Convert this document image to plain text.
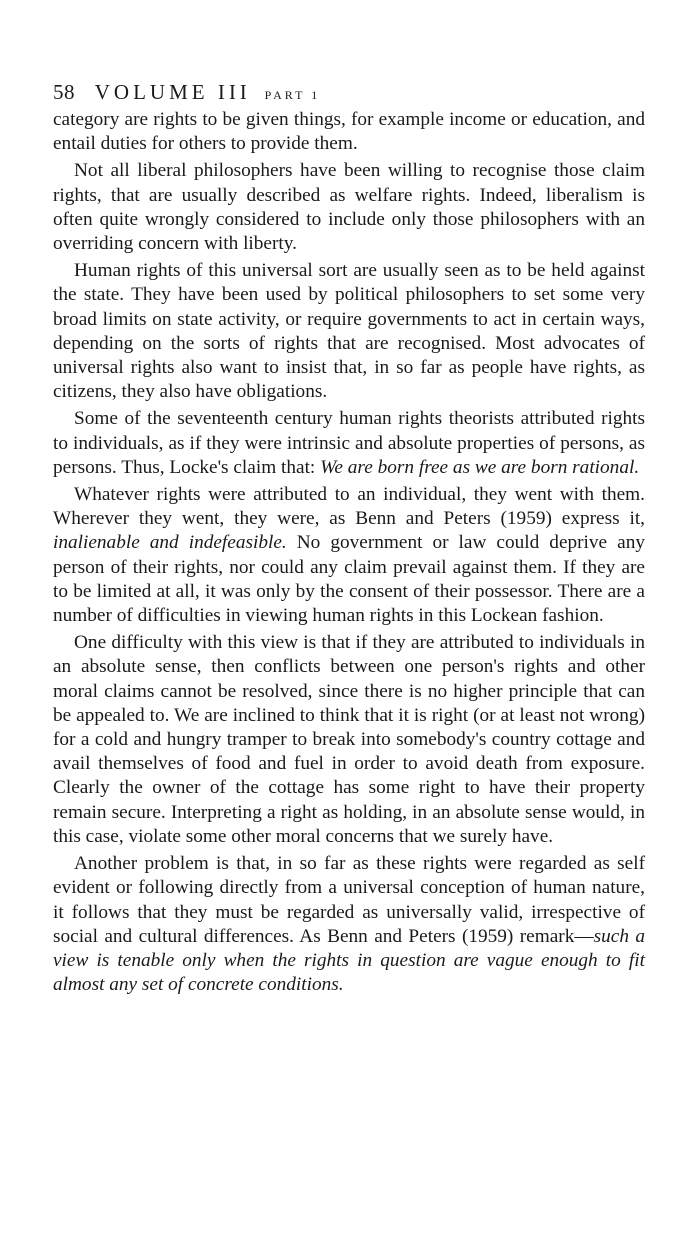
58 VOLUME III PART 1

category are rights to be given things, for example income or education, and entail duties for others to provide them.

Not all liberal philosophers have been willing to recognise those claim rights, that are usually described as welfare rights. Indeed, liberalism is often quite wrongly considered to include only those philosophers with an overriding concern with liberty.

Human rights of this universal sort are usually seen as to be held against the state. They have been used by political philosophers to set some very broad limits on state activity, or require governments to act in certain ways, depending on the sorts of rights that are recognised. Most advocates of universal rights also want to insist that, in so far as people have rights, as citizens, they also have obligations.

Some of the seventeenth century human rights theorists attributed rights to individuals, as if they were intrinsic and absolute properties of persons, as persons. Thus, Locke's claim that: We are born free as we are born rational.

Whatever rights were attributed to an individual, they went with them. Wherever they went, they were, as Benn and Peters (1959) express it, inalienable and indefeasible. No government or law could deprive any person of their rights, nor could any claim prevail against them. If they are to be limited at all, it was only by the consent of their possessor. There are a number of difficulties in viewing human rights in this Lockean fashion.

One difficulty with this view is that if they are attributed to individuals in an absolute sense, then conflicts between one person's rights and other moral claims cannot be resolved, since there is no higher principle that can be appealed to. We are inclined to think that it is right (or at least not wrong) for a cold and hungry tramper to break into somebody's country cottage and avail themselves of food and fuel in order to avoid death from exposure. Clearly the owner of the cottage has some right to have their property remain secure. Interpreting a right as holding, in an absolute sense would, in this case, violate some other moral concerns that we surely have.

Another problem is that, in so far as these rights were regarded as self evident or following directly from a universal conception of human nature, it follows that they must be regarded as universally valid, irrespective of social and cultural differences. As Benn and Peters (1959) remark—such a view is tenable only when the rights in question are vague enough to fit almost any set of concrete conditions.
